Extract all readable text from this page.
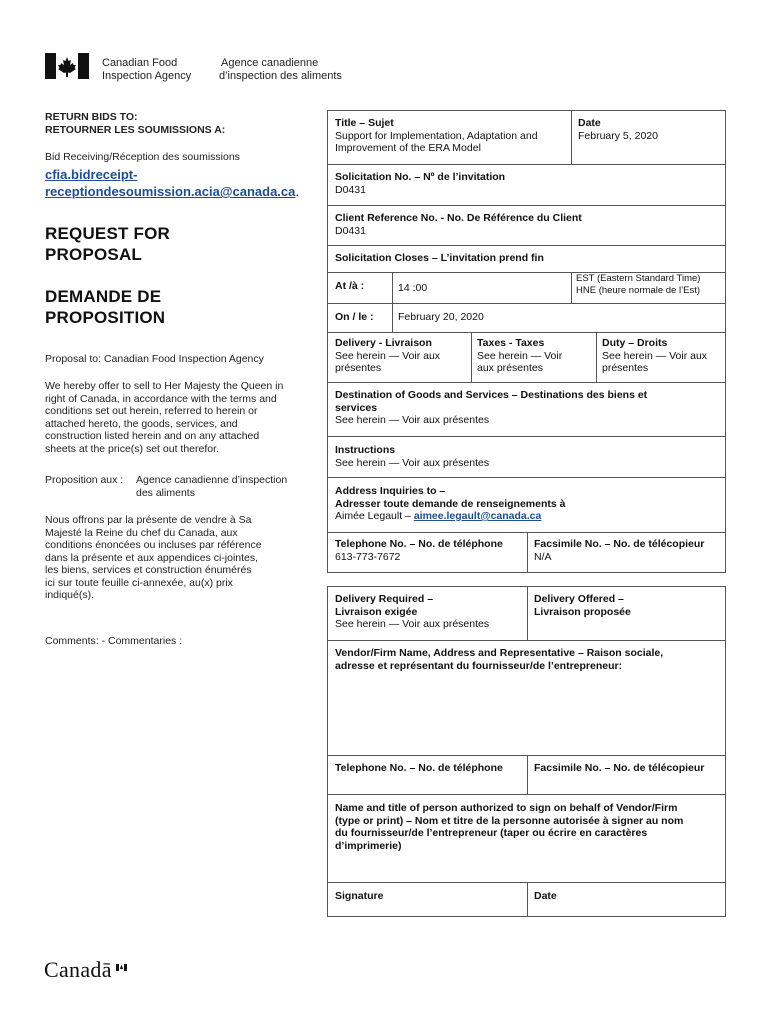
Canadian Food
Inspection Agency
Agence canadienne
d’inspection des aliments
RETURN BIDS TO:
RETOURNER LES SOUMISSIONS A:
Bid Receiving/Réception des soumissions
cfia.bidreceipt-
receptiondesoumission.acia@canada.ca.
REQUEST FOR
PROPOSAL
DEMANDE DE
PROPOSITION
Proposal to: Canadian Food Inspection Agency
We hereby offer to sell to Her Majesty the Queen in
right of Canada, in accordance with the terms and
conditions set out herein, referred to herein or
attached hereto, the goods, services, and
construction listed herein and on any attached
sheets at the price(s) set out therefor.
Proposition aux : Agence canadienne d’inspection
des aliments
Nous offrons par la présente de vendre à Sa
Majesté la Reine du chef du Canada, aux
conditions énoncées ou incluses par référence
dans la présente et aux appendices ci-jointes,
les biens, services et construction énumérés
ici sur toute feuille ci-annexée, au(x) prix
indiqué(s).
Comments: - Commentaries :
Title – Sujet
Support for Implementation, Adaptation and
Improvement of the ERA Model
Date
February 5, 2020
Solicitation No. – Nº de l’invitation
D0431
Client Reference No. - No. De Référence du Client
D0431
Solicitation Closes – L’invitation prend fin
At /à :	14 :00
EST (Eastern Standard Time)
HNE (heure normale de l’Est)
On / le : February 20, 2020
Delivery - Livraison
See herein — Voir aux
présentes
Taxes - Taxes
See herein — Voir
aux présentes
Duty – Droits
See herein — Voir aux
présentes
Destination of Goods and Services – Destinations des biens et
services
See herein — Voir aux présentes
Instructions
See herein — Voir aux présentes
Address Inquiries to –
Adresser toute demande de renseignements à
Aimée Legault – aimee.legault@canada.ca
Telephone No. – No. de téléphone
613-773-7672
Facsimile No. – No. de télécopieur
N/A
Delivery Required –
Livraison exigée
See herein — Voir aux présentes
Delivery Offered –
Livraison proposée
Vendor/Firm Name, Address and Representative – Raison sociale,
adresse et représentant du fournisseur/de l’entrepreneur:
Telephone No. – No. de téléphone	Facsimile No. – No. de télécopieur
Name and title of person authorized to sign on behalf of Vendor/Firm
(type or print) – Nom et titre de la personne autorisée à signer au nom
du fournisseur/de l’entrepreneur (taper ou écrire en caractères
d’imprimerie)
Signature	Date
Canadā
